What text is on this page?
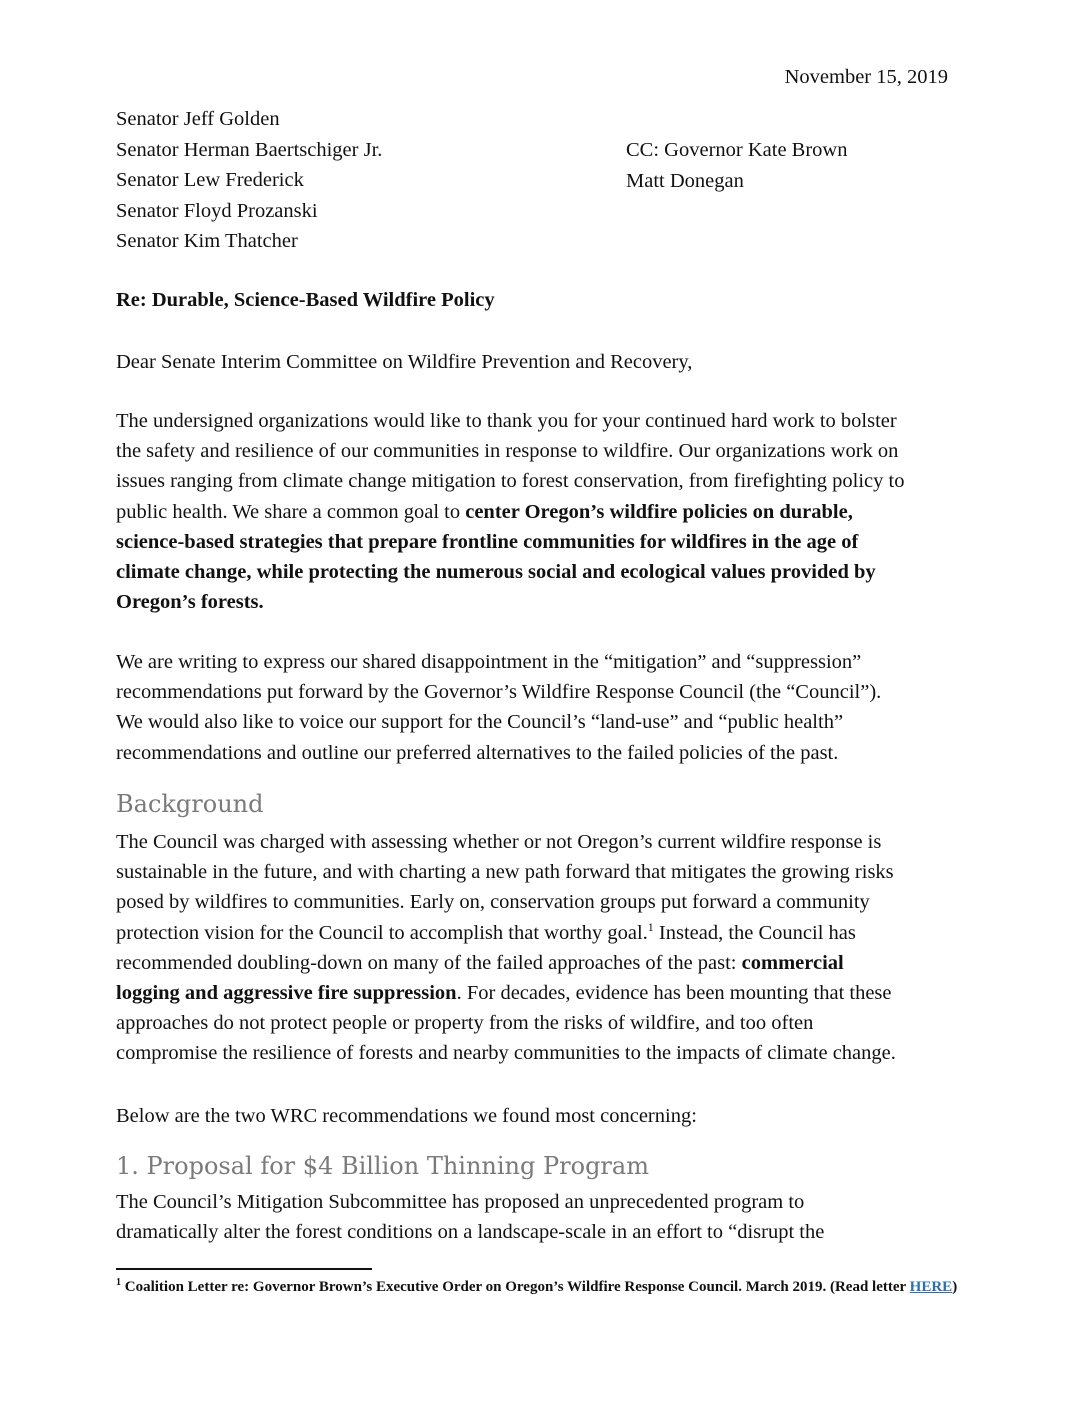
November 15, 2019
Senator Jeff Golden
Senator Herman Baertschiger Jr.
Senator Lew Frederick
Senator Floyd Prozanski
Senator Kim Thatcher
CC: Governor Kate Brown
Matt Donegan
Re: Durable, Science-Based Wildfire Policy
Dear Senate Interim Committee on Wildfire Prevention and Recovery,
The undersigned organizations would like to thank you for your continued hard work to bolster
the safety and resilience of our communities in response to wildfire. Our organizations work on
issues ranging from climate change mitigation to forest conservation, from firefighting policy to
public health. We share a common goal to center Oregon’s wildfire policies on durable,
science-based strategies that prepare frontline communities for wildfires in the age of
climate change, while protecting the numerous social and ecological values provided by
Oregon’s forests.
We are writing to express our shared disappointment in the “mitigation” and “suppression”
recommendations put forward by the Governor’s Wildfire Response Council (the “Council”).
We would also like to voice our support for the Council’s “land-use” and “public health”
recommendations and outline our preferred alternatives to the failed policies of the past.
Background
The Council was charged with assessing whether or not Oregon’s current wildfire response is
sustainable in the future, and with charting a new path forward that mitigates the growing risks
posed by wildfires to communities. Early on, conservation groups put forward a community
protection vision for the Council to accomplish that worthy goal.$^1$ Instead, the Council has
recommended doubling-down on many of the failed approaches of the past: commercial
logging and aggressive fire suppression. For decades, evidence has been mounting that these
approaches do not protect people or property from the risks of wildfire, and too often
compromise the resilience of forests and nearby communities to the impacts of climate change.
Below are the two WRC recommendations we found most concerning:
1. Proposal for $4 Billion Thinning Program
The Council’s Mitigation Subcommittee has proposed an unprecedented program to
dramatically alter the forest conditions on a landscape-scale in an effort to “disrupt the
$^1$ Coalition Letter re: Governor Brown’s Executive Order on Oregon’s Wildfire Response Council. March 2019. (Read letter HERE)
